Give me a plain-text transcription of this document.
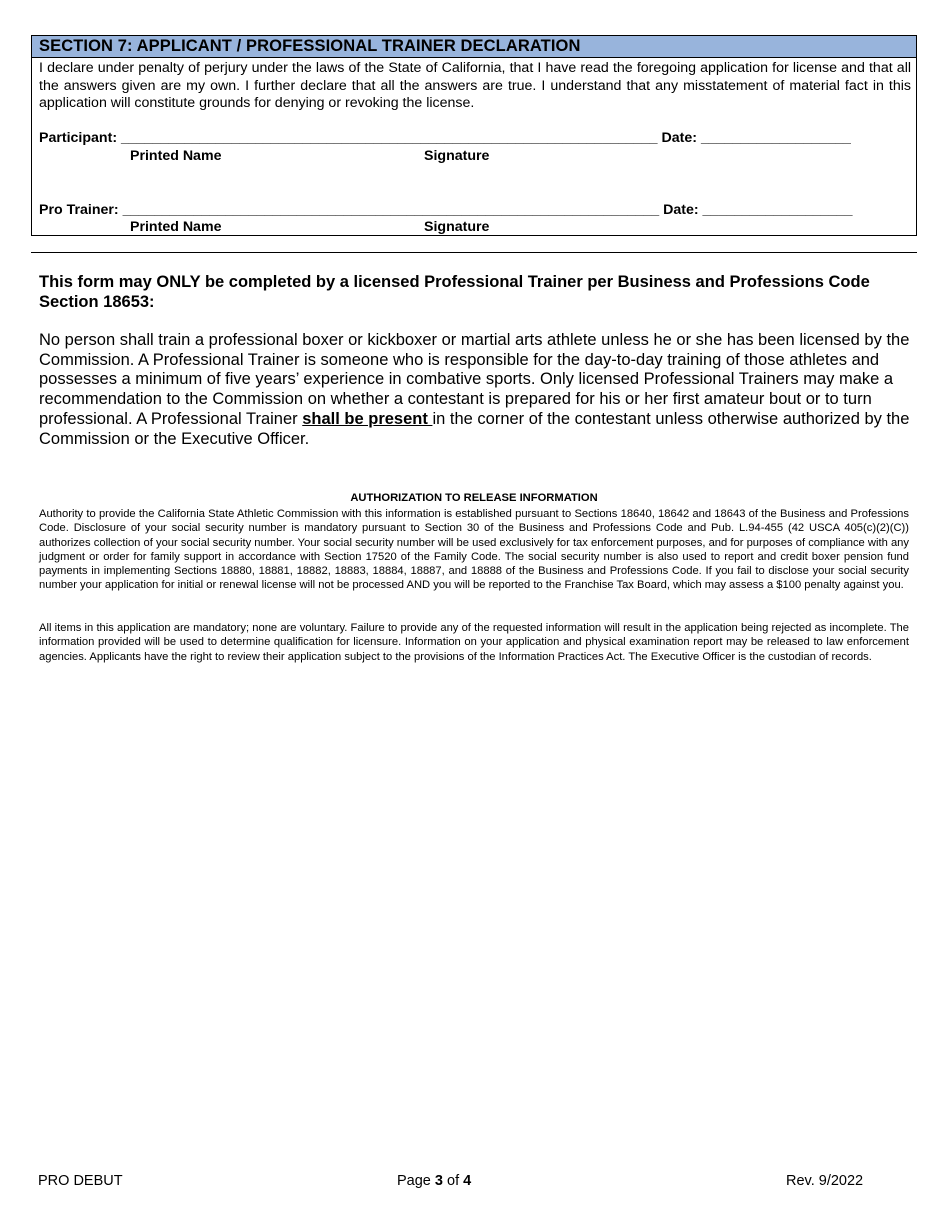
SECTION 7: APPLICANT / PROFESSIONAL TRAINER DECLARATION
I declare under penalty of perjury under the laws of the State of California, that I have read the foregoing application for license and that all the answers given are my own. I further declare that all the answers are true. I understand that any misstatement of material fact in this application will constitute grounds for denying or revoking the license.
Participant: ____________________________________________________________________ Date: ___________________
Printed Name	Signature
Pro Trainer: ____________________________________________________________________ Date: ___________________
Printed Name	Signature
This form may ONLY be completed by a licensed Professional Trainer per Business and Professions Code Section 18653:
No person shall train a professional boxer or kickboxer or martial arts athlete unless he or she has been licensed by the Commission. A Professional Trainer is someone who is responsible for the day-to-day training of those athletes and possesses a minimum of five years’ experience in combative sports. Only licensed Professional Trainers may make a recommendation to the Commission on whether a contestant is prepared for his or her first amateur bout or to turn professional. A Professional Trainer shall be present in the corner of the contestant unless otherwise authorized by the Commission or the Executive Officer.
AUTHORIZATION TO RELEASE INFORMATION
Authority to provide the California State Athletic Commission with this information is established pursuant to Sections 18640, 18642 and 18643 of the Business and Professions Code. Disclosure of your social security number is mandatory pursuant to Section 30 of the Business and Professions Code and Pub. L.94-455 (42 USCA 405(c)(2)(C)) authorizes collection of your social security number. Your social security number will be used exclusively for tax enforcement purposes, and for purposes of compliance with any judgment or order for family support in accordance with Section 17520 of the Family Code. The social security number is also used to report and credit boxer pension fund payments in implementing Sections 18880, 18881, 18882, 18883, 18884, 18887, and 18888 of the Business and Professions Code. If you fail to disclose your social security number your application for initial or renewal license will not be processed AND you will be reported to the Franchise Tax Board, which may assess a $100 penalty against you.
All items in this application are mandatory; none are voluntary. Failure to provide any of the requested information will result in the application being rejected as incomplete. The information provided will be used to determine qualification for licensure. Information on your application and physical examination report may be released to law enforcement agencies. Applicants have the right to review their application subject to the provisions of the Information Practices Act. The Executive Officer is the custodian of records.
PRO DEBUT	Page 3 of 4	Rev. 9/2022
